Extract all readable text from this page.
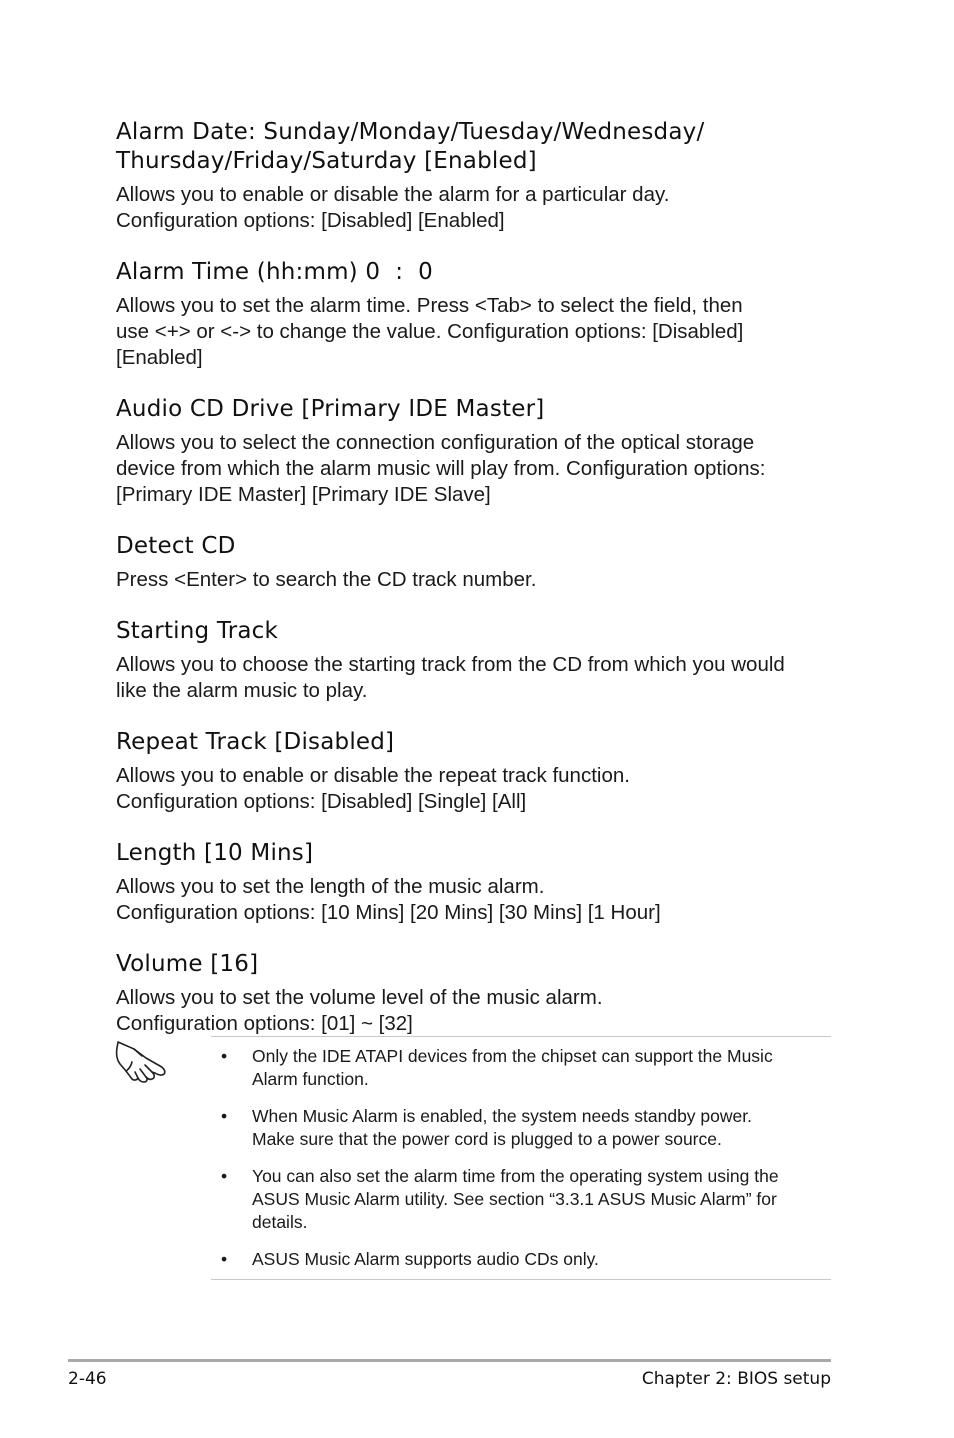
Alarm Date: Sunday/Monday/Tuesday/Wednesday/
Thursday/Friday/Saturday [Enabled]

Allows you to enable or disable the alarm for a particular day.
Configuration options: [Disabled] [Enabled]

Alarm Time (hh:mm) 0  :  0

Allows you to set the alarm time. Press <Tab> to select the field, then
use <+> or <-> to change the value. Configuration options: [Disabled]
[Enabled]

Audio CD Drive [Primary IDE Master]

Allows you to select the connection configuration of the optical storage
device from which the alarm music will play from. Configuration options:
[Primary IDE Master] [Primary IDE Slave]

Detect CD

Press <Enter> to search the CD track number.

Starting Track

Allows you to choose the starting track from the CD from which you would
like the alarm music to play.

Repeat Track [Disabled]

Allows you to enable or disable the repeat track function.
Configuration options: [Disabled] [Single] [All]

Length [10 Mins]

Allows you to set the length of the music alarm.
Configuration options: [10 Mins] [20 Mins] [30 Mins] [1 Hour]

Volume [16]

Allows you to set the volume level of the music alarm.
Configuration options: [01] ~ [32]

• Only the IDE ATAPI devices from the chipset can support the Music
Alarm function.
• When Music Alarm is enabled, the system needs standby power.
Make sure that the power cord is plugged to a power source.
• You can also set the alarm time from the operating system using the
ASUS Music Alarm utility. See section “3.3.1 ASUS Music Alarm” for
details.
• ASUS Music Alarm supports audio CDs only.
2-46	Chapter 2: BIOS setup
